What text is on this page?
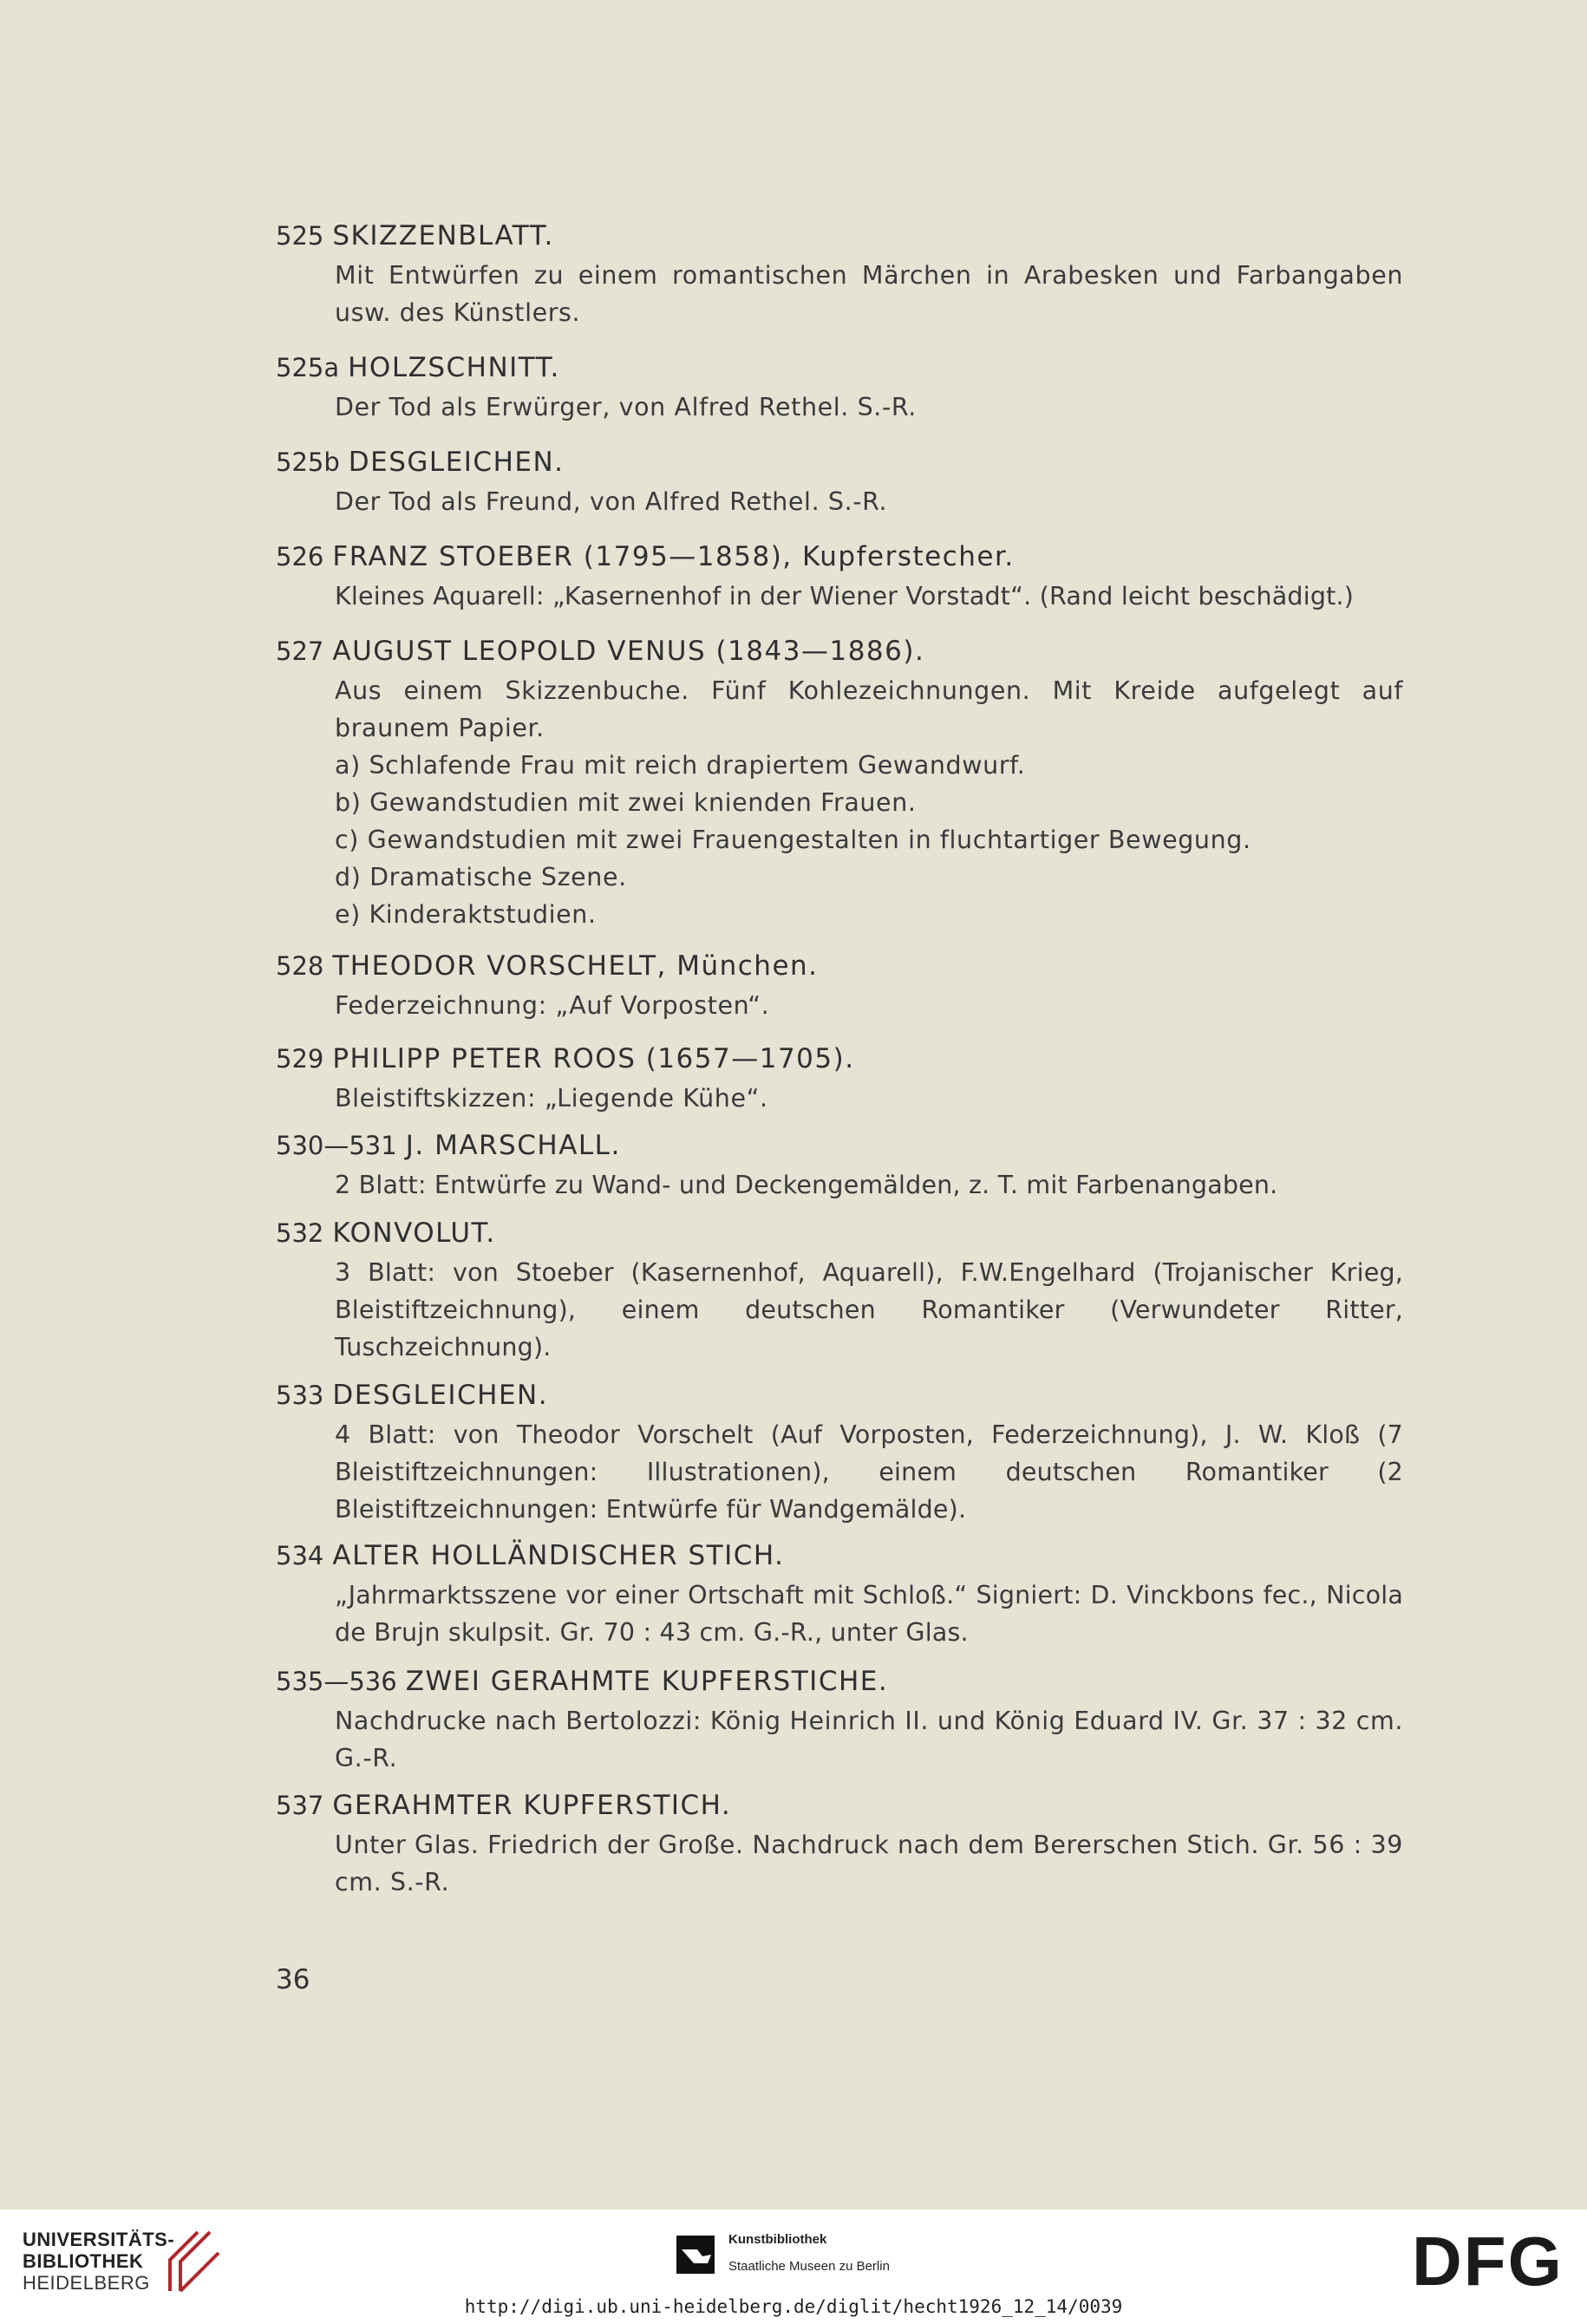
525 SKIZZENBLATT.
Mit Entwürfen zu einem romantischen Märchen in Arabesken und Farbangaben usw. des Künstlers.
525a HOLZSCHNITT.
Der Tod als Erwürger, von Alfred Rethel. S.-R.
525b DESGLEICHEN.
Der Tod als Freund, von Alfred Rethel. S.-R.
526 FRANZ STOEBER (1795—1858), Kupferstecher.
Kleines Aquarell: „Kasernenhof in der Wiener Vorstadt“. (Rand leicht beschädigt.)
527 AUGUST LEOPOLD VENUS (1843—1886).
Aus einem Skizzenbuche. Fünf Kohlezeichnungen. Mit Kreide aufgelegt auf braunem Papier.

a) Schlafende Frau mit reich drapiertem Gewandwurf.

b) Gewandstudien mit zwei knienden Frauen.

c) Gewandstudien mit zwei Frauengestalten in fluchtartiger Bewegung.

d) Dramatische Szene.

e) Kinderaktstudien.

528 THEODOR VORSCHELT, München.
Federzeichnung: „Auf Vorposten“.
529 PHILIPP PETER ROOS (1657—1705).
Bleistiftskizzen: „Liegende Kühe“.
530—531 J. MARSCHALL.
2 Blatt: Entwürfe zu Wand- und Deckengemälden, z. T. mit Farbenangaben.
532 KONVOLUT.
3 Blatt: von Stoeber (Kasernenhof, Aquarell), F.W.Engelhard (Trojanischer Krieg, Bleistiftzeichnung), einem deutschen Romantiker (Verwundeter Ritter, Tuschzeichnung).
533 DESGLEICHEN.
4 Blatt: von Theodor Vorschelt (Auf Vorposten, Federzeichnung), J. W. Kloß (7 Bleistiftzeichnungen: Illustrationen), einem deutschen Romantiker (2 Bleistiftzeichnungen: Entwürfe für Wandgemälde).
534 ALTER HOLLÄNDISCHER STICH.
„Jahrmarktsszene vor einer Ortschaft mit Schloß.“ Signiert: D. Vinckbons fec., Nicola de Brujn skulpsit. Gr. 70 : 43 cm. G.-R., unter Glas.
535—536 ZWEI GERAHMTE KUPFERSTICHE.
Nachdrucke nach Bertolozzi: König Heinrich II. und König Eduard IV. Gr. 37 : 32 cm. G.-R.
537 GERAHMTER KUPFERSTICH.
Unter Glas. Friedrich der Große. Nachdruck nach dem Bererschen Stich. Gr. 56 : 39 cm. S.-R.
36
UNIVERSITÄTS-
BIBLIOTHEK
HEIDELBERG
Kunstbibliothek
Staatliche Museen zu Berlin	DFG
http://digi.ub.uni-heidelberg.de/diglit/hecht1926_12_14/0039
